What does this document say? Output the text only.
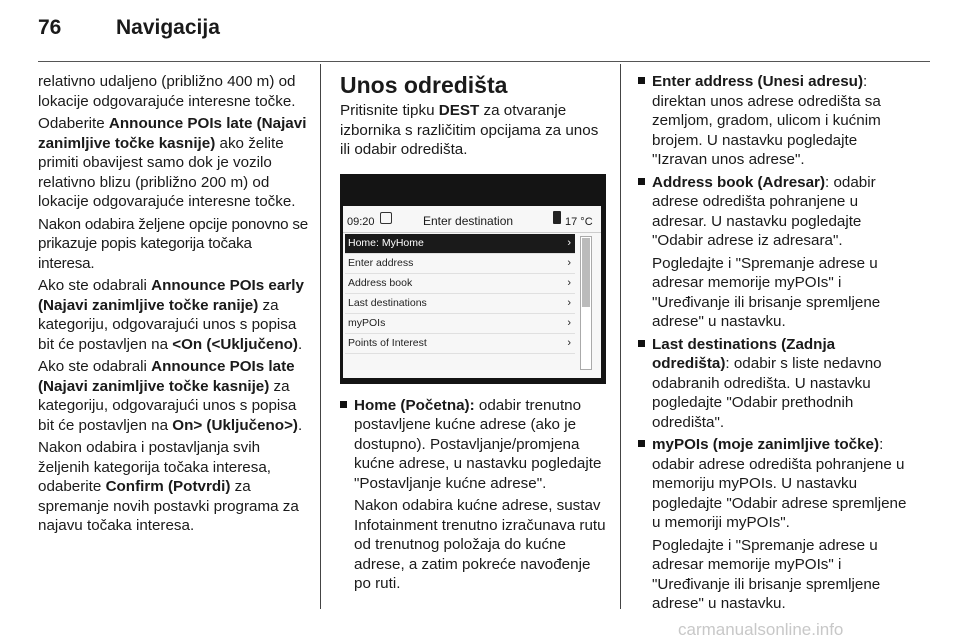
76	Navigacija

relativno udaljeno (približno 400 m) od lokacije odgovarajuće interesne točke.

Odaberite Announce POIs late (Najavi zanimljive točke kasnije) ako želite primiti obavijest samo dok je vozilo relativno blizu (približno 200 m) od lokacije odgovarajuće interesne točke.

Nakon odabira željene opcije ponovno se prikazuje popis kategorija točaka interesa.

Ako ste odabrali Announce POIs early (Najavi zanimljive točke ranije) za kategoriju, odgovarajući unos s popisa bit će postavljen na <On (<Uključeno).

Ako ste odabrali Announce POIs late (Najavi zanimljive točke kasnije) za kategoriju, odgovarajući unos s popisa bit će postavljen na On> (Uključeno>).

Nakon odabira i postavljanja svih željenih kategorija točaka interesa, odaberite Confirm (Potvrdi) za spremanje novih postavki programa za najavu točaka interesa.

Unos odredišta

Pritisnite tipku DEST za otvaranje izbornika s različitim opcijama za unos ili odabir odredišta.

09:20	Enter destination	17 °C
Home: MyHome	›
Enter address	›
Address book	›
Last destinations	›
myPOIs	›
Points of Interest	›

Home (Početna): odabir trenutno postavljene kućne adrese (ako je dostupno). Postavljanje/promjena kućne adrese, u nastavku pogledajte "Postavljanje kućne adrese".

Nakon odabira kućne adrese, sustav Infotainment trenutno izračunava rutu od trenutnog položaja do kućne adrese, a zatim pokreće navođenje po ruti.

Enter address (Unesi adresu): direktan unos adrese odredišta sa zemljom, gradom, ulicom i kućnim brojem. U nastavku pogledajte "Izravan unos adrese".

Address book (Adresar): odabir adrese odredišta pohranjene u adresar. U nastavku pogledajte "Odabir adrese iz adresara".

Pogledajte i "Spremanje adrese u adresar memorije myPOIs" i "Uređivanje ili brisanje spremljene adrese" u nastavku.

Last destinations (Zadnja odredišta): odabir s liste nedavno odabranih odredišta. U nastavku pogledajte "Odabir prethodnih odredišta".

myPOIs (moje zanimljive točke): odabir adrese odredišta pohranjene u memoriju myPOIs. U nastavku pogledajte "Odabir adrese spremljene u memoriji myPOIs".

Pogledajte i "Spremanje adrese u adresar memorije myPOIs" i "Uređivanje ili brisanje spremljene adrese" u nastavku.

carmanualsonline.info
